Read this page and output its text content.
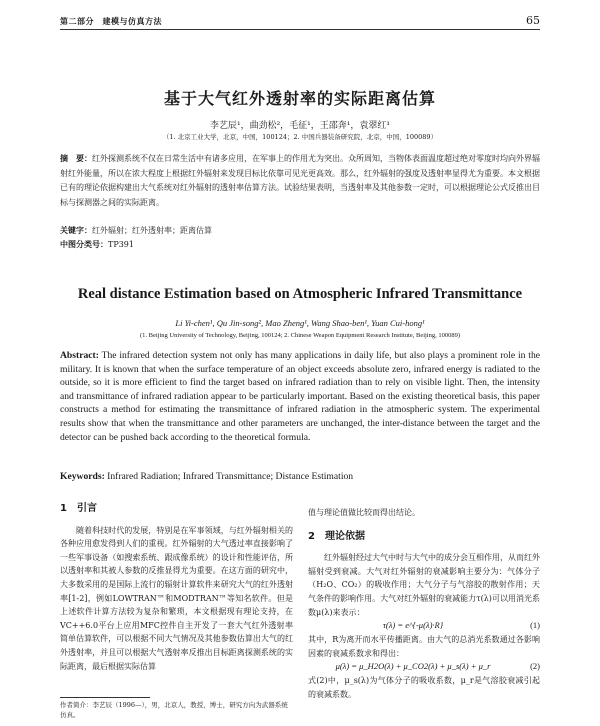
第二部分　建模与仿真方法	65
基于大气红外透射率的实际距离估算
李艺辰¹，曲劲松²，毛征¹，王邵奔¹，袁翠红¹
（1. 北京工业大学，北京，中国，100124；2. 中国兵器装备研究院，北京，中国，100089）

摘　要：红外探测系统不仅在日常生活中有诸多应用，在军事上的作用尤为突出。众所周知，当物体表面温度超过绝对零度时均向外界辐射红外能量，所以在浓大程度上根据红外辐射来发现目标比依靠可见光更高效。那么，红外辐射的强度及透射率显得尤为重要。本文根据已有的理论依据构建出大气系统对红外辐射的透射率估算方法。试验结果表明，当透射率及其他参数一定时，可以根据理论公式反推出目标与探测器之间的实际距离。

关键字：红外辐射；红外透射率；距离估算
中图分类号：TP391
Real distance Estimation based on Atmospheric Infrared Transmittance
Li Yi-chen¹, Qu Jin-song², Mao Zheng¹, Wang Shao-ben¹, Yuan Cui-hong¹
(1. Beijing University of Technology, Beijing, 100124; 2. Chinese Weapon Equipment Research Institute, Beijing, 100089)

Abstract: The infrared detection system not only has many applications in daily life, but also plays a prominent role in the military. It is known that when the surface temperature of an object exceeds absolute zero, infrared energy is radiated to the outside, so it is more efficient to find the target based on infrared radiation than to rely on visible light. Then, the intensity and transmittance of infrared radiation appear to be particularly important. Based on the existing theoretical basis, this paper constructs a method for estimating the transmittance of infrared radiation in the atmospheric system. The experimental results show that when the transmittance and other parameters are unchanged, the inter-distance between the target and the detector can be pushed back according to the theoretical formula.

Keywords: Infrared Radiation; Infrared Transmittance; Distance Estimation
1 引言

随着科技时代的发展，特别是在军事领域，与红外辐射相关的各种应用愈发得到人们的重视。红外辐射的大气透过率直接影响了一些军事设备（如搜索系统、跟成像系统）的设计和性能评估，所以透射率和其被人参数的反推显得尤为重要。在这方面的研究中，大多数采用的是国际上流行的辐射计算软件来研究大气的红外透射率[1-2]，例如LOWTRAN™和MODTRAN™等知名软件。但是上述软件计算方法较为复杂和繁琐，本文根据现有理论支持，在VC++6.0平台上应用MFC控件自主开发了一套大气红外透射率简单估算软件，可以根据不同大气情况及其他参数估算出大气的红外透射率，并且可以根据大气透射率反推出目标距离探测系统的实际距离，最后根据实际估算

值与理论值做比较而得出结论。

2 理论依据

红外辐射经过大气中时与大气中的成分会互相作用，从而红外辐射受到衰减。大气对红外辐射的衰减影响主要分为：气体分子（H₂O、CO₂）的吸收作用；大气分子与气溶胶的散射作用；天气条件的影响作用。大气对红外辐射的衰减能力τ(λ)可以用消光系数μ(λ)来表示：

τ(λ) = e^{-μ(λ)·R}	(1)

其中，R为离开而水平传播距离。由大气的总消光系数通过各影响因素的衰减系数求和得出：

μ(λ) = μ_H2O(λ) + μ_CO2(λ) + μ_s(λ) + μ_r	(2)

式(2)中，μ_s(λ)为气体分子的吸收系数，μ_r是气溶胶衰减引起的衰减系数。

作者简介：李艺辰（1996—），男，北京人，教授，博士，研究方向为武器系统仿真。
